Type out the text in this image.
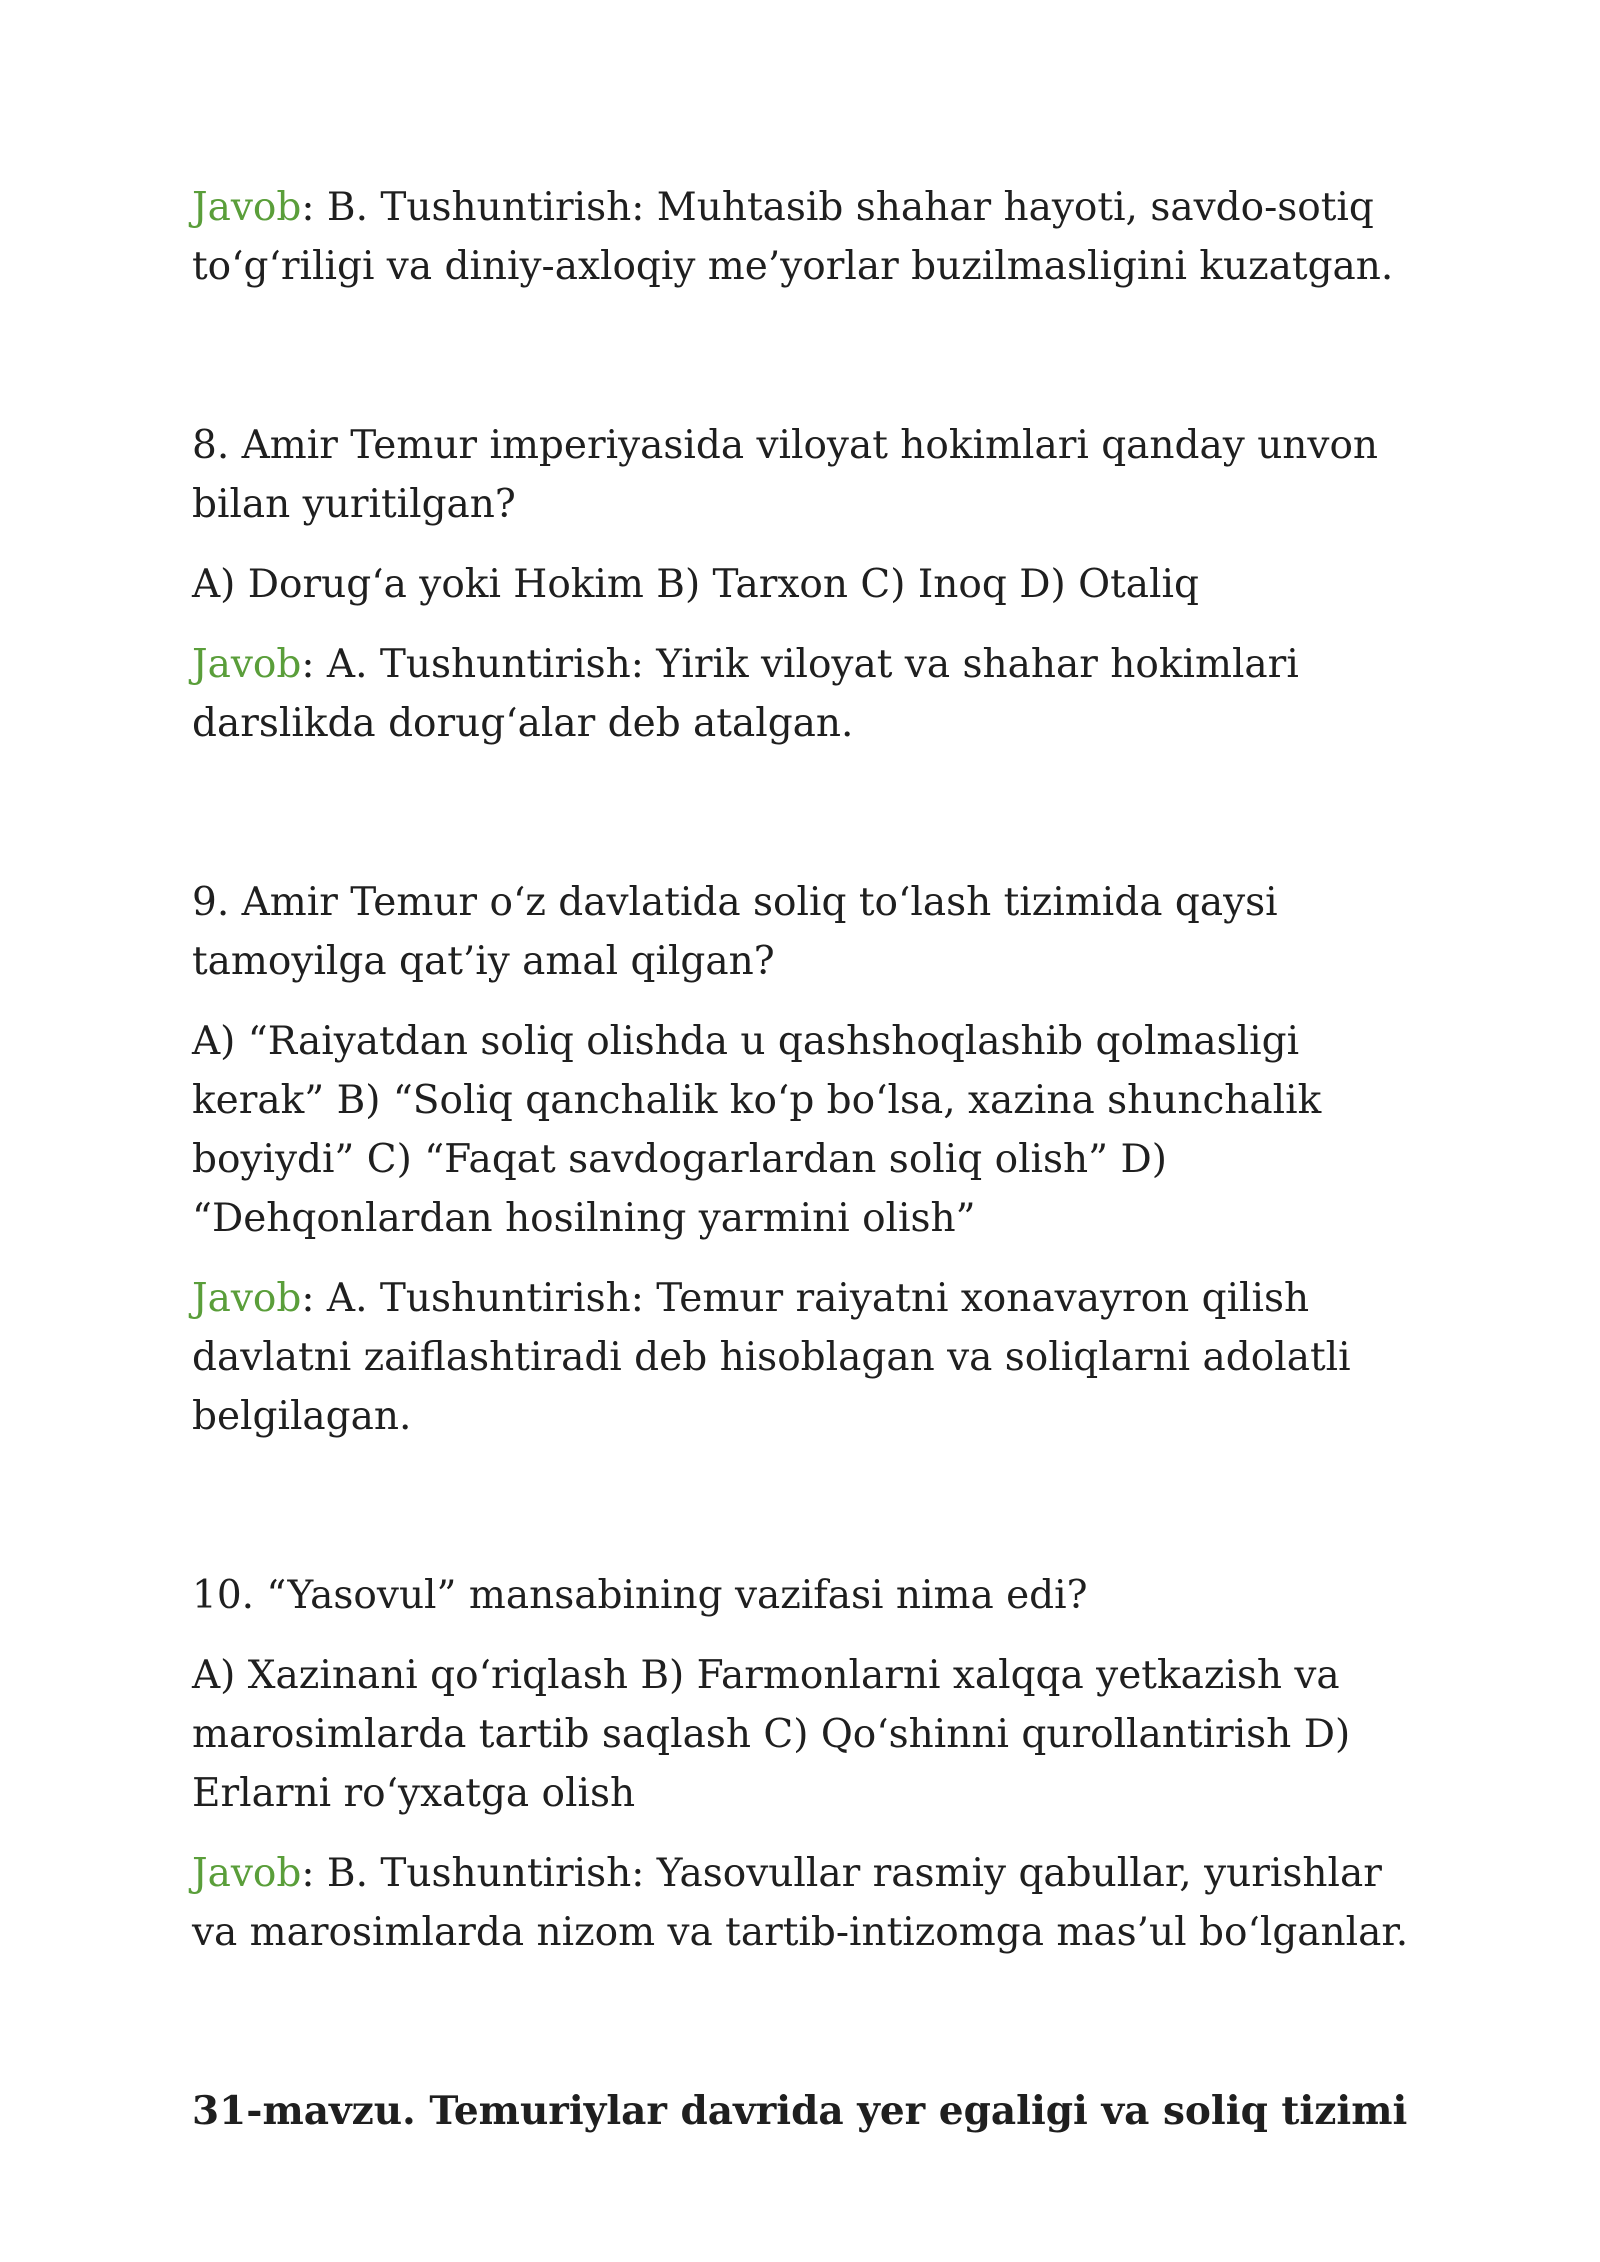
Javob: B. Tushuntirish: Muhtasib shahar hayoti, savdo-sotiq to‘g‘riligi va diniy-axloqiy me’yorlar buzilmasligini kuzatgan.

8. Amir Temur imperiyasida viloyat hokimlari qanday unvon bilan yuritilgan?

A) Dorug‘a yoki Hokim B) Tarxon C) Inoq D) Otaliq

Javob: A. Tushuntirish: Yirik viloyat va shahar hokimlari darslikda dorug‘alar deb atalgan.

9. Amir Temur o‘z davlatida soliq to‘lash tizimida qaysi tamoyilga qat’iy amal qilgan?

A) “Raiyatdan soliq olishda u qashshoqlashib qolmasligi kerak” B) “Soliq qanchalik ko‘p bo‘lsa, xazina shunchalik boyiydi” C) “Faqat savdogarlardan soliq olish” D) “Dehqonlardan hosilning yarmini olish”

Javob: A. Tushuntirish: Temur raiyatni xonavayron qilish davlatni zaiflashtiradi deb hisoblagan va soliqlarni adolatli belgilagan.

10. “Yasovul” mansabining vazifasi nima edi?

A) Xazinani qo‘riqlash B) Farmonlarni xalqqa yetkazish va marosimlarda tartib saqlash C) Qo‘shinni qurollantirish D) Erlarni ro‘yxatga olish

Javob: B. Tushuntirish: Yasovullar rasmiy qabullar, yurishlar va marosimlarda nizom va tartib-intizomga mas’ul bo‘lganlar.

31-mavzu. Temuriylar davrida yer egaligi va soliq tizimi
